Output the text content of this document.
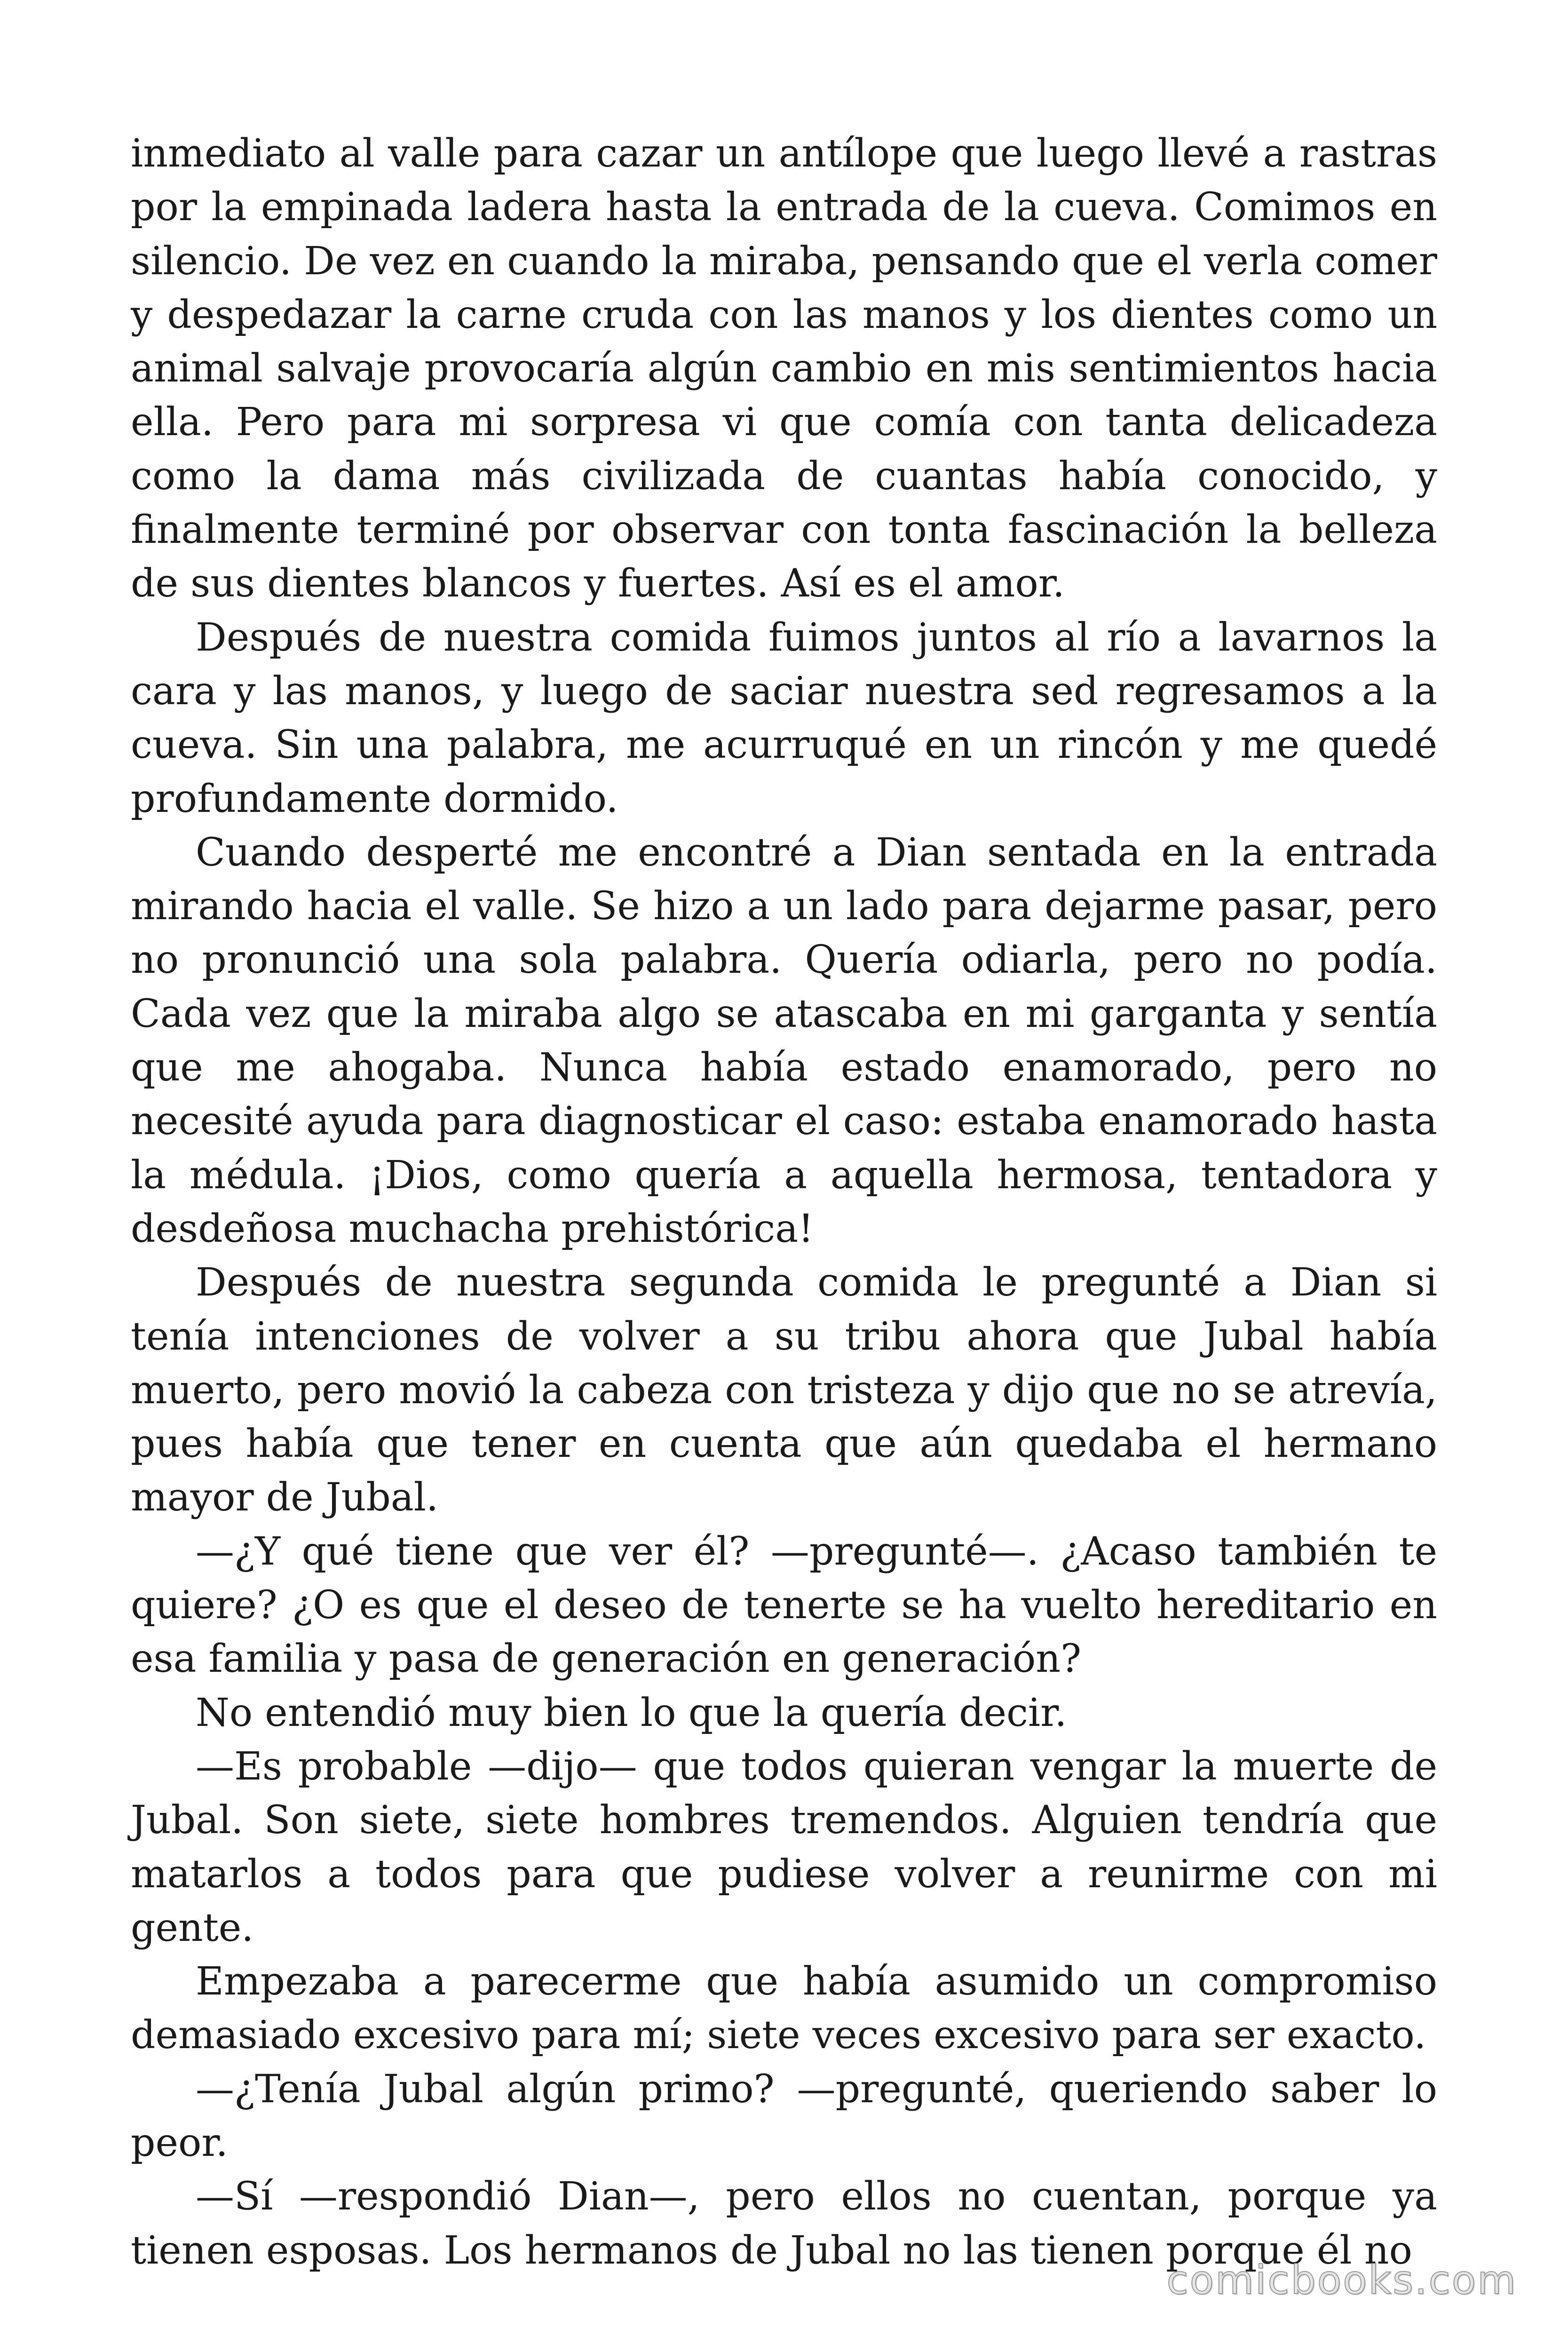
inmediato al valle para cazar un antílope que luego llevé a rastras por la empinada ladera hasta la entrada de la cueva. Comimos en silencio. De vez en cuando la miraba, pensando que el verla comer y despedazar la carne cruda con las manos y los dientes como un animal salvaje provocaría algún cambio en mis sentimientos hacia ella. Pero para mi sorpresa vi que comía con tanta delicadeza como la dama más civilizada de cuantas había conocido, y finalmente terminé por observar con tonta fascinación la belleza de sus dientes blancos y fuertes. Así es el amor.

Después de nuestra comida fuimos juntos al río a lavarnos la cara y las manos, y luego de saciar nuestra sed regresamos a la cueva. Sin una palabra, me acurruqué en un rincón y me quedé profundamente dormido.

Cuando desperté me encontré a Dian sentada en la entrada mirando hacia el valle. Se hizo a un lado para dejarme pasar, pero no pronunció una sola palabra. Quería odiarla, pero no podía. Cada vez que la miraba algo se atascaba en mi garganta y sentía que me ahogaba. Nunca había estado enamorado, pero no necesité ayuda para diagnosticar el caso: estaba enamorado hasta la médula. ¡Dios, como quería a aquella hermosa, tentadora y desdeñosa muchacha prehistórica!

Después de nuestra segunda comida le pregunté a Dian si tenía intenciones de volver a su tribu ahora que Jubal había muerto, pero movió la cabeza con tristeza y dijo que no se atrevía, pues había que tener en cuenta que aún quedaba el hermano mayor de Jubal.

—¿Y qué tiene que ver él? —pregunté—. ¿Acaso también te quiere? ¿O es que el deseo de tenerte se ha vuelto hereditario en esa familia y pasa de generación en generación?

No entendió muy bien lo que la quería decir.

—Es probable —dijo— que todos quieran vengar la muerte de Jubal. Son siete, siete hombres tremendos. Alguien tendría que matarlos a todos para que pudiese volver a reunirme con mi gente.

Empezaba a parecerme que había asumido un compromiso demasiado excesivo para mí; siete veces excesivo para ser exacto.

—¿Tenía Jubal algún primo? —pregunté, queriendo saber lo peor.

—Sí —respondió Dian—, pero ellos no cuentan, porque ya tienen esposas. Los hermanos de Jubal no las tienen porque él no

comicbooks.com
